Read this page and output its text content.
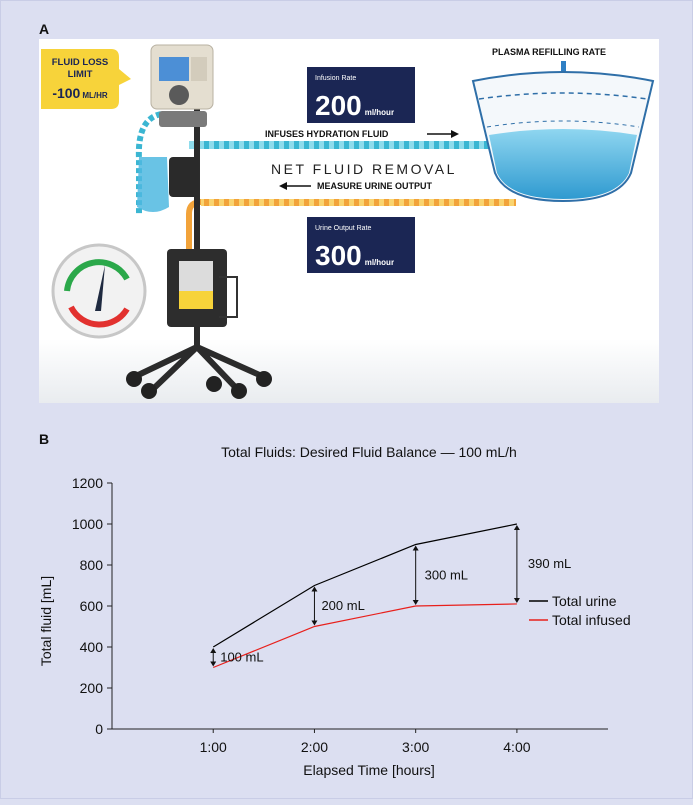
A
FLUID LOSS LIMIT
-100 ML/HR
Infusion Rate
200 ml/hour
INFUSES HYDRATION FLUID
NET FLUID REMOVAL
MEASURE URINE OUTPUT
Urine Output Rate
300 ml/hour
PLASMA REFILLING RATE
B
Total Fluids: Desired Fluid Balance — 100 mL/h
0
200
400
600
800
1000
1200
1:00	2:00	3:00	4:00
100 mL
200 mL
300 mL
390 mL
Total urine
Total infused
Elapsed Time [hours]
Total fluid [mL]
